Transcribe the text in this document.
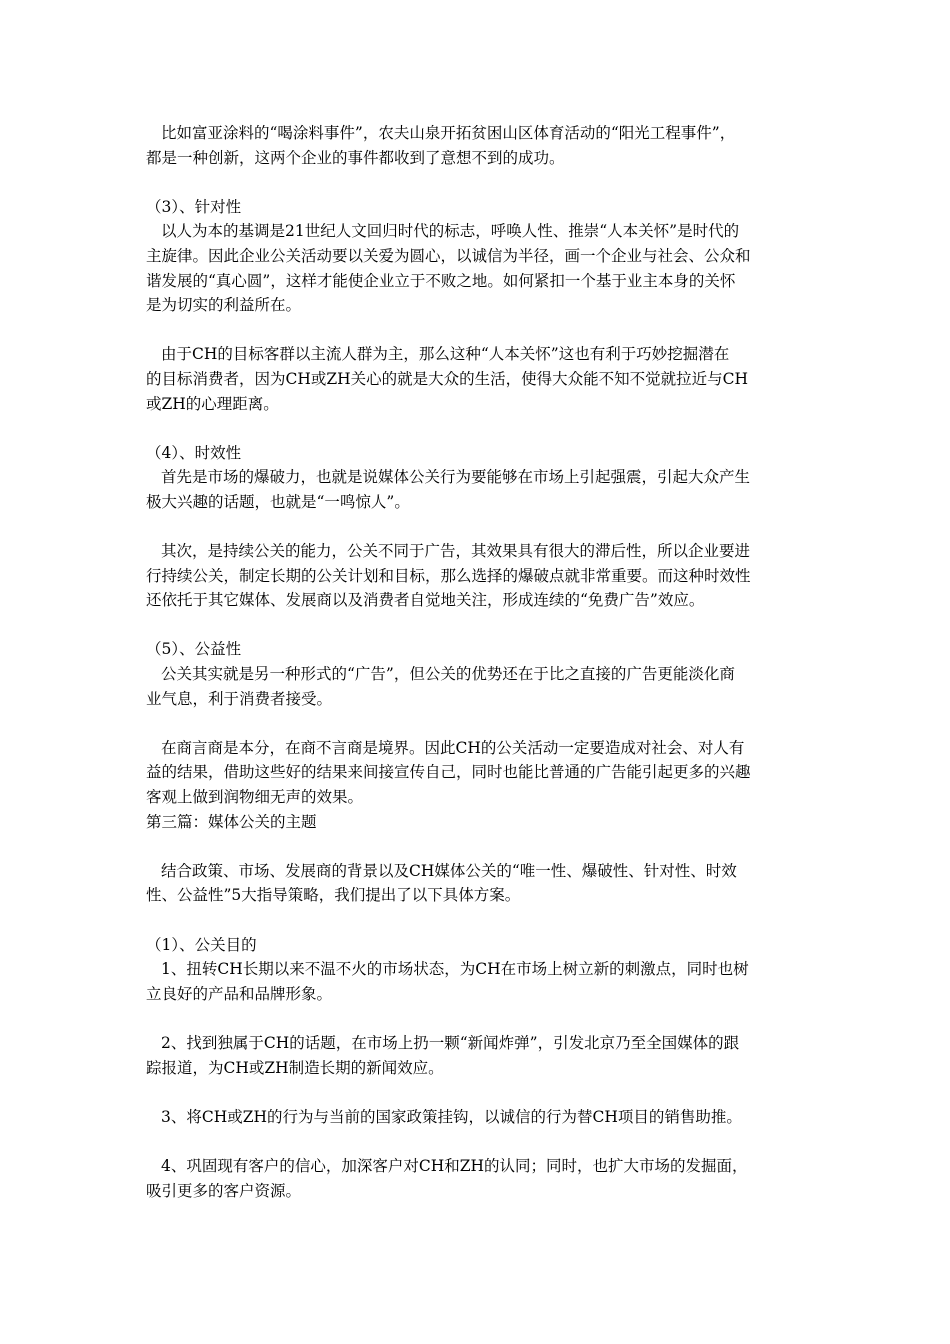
比如富亚涂料的“喝涂料事件”，农夫山泉开拓贫困山区体育活动的“阳光工程事件”，
都是一种创新，这两个企业的事件都收到了意想不到的成功。
（3）、针对性
以人为本的基调是21世纪人文回归时代的标志，呼唤人性、推崇“人本关怀”是时代的
主旋律。因此企业公关活动要以关爱为圆心，以诚信为半径，画一个企业与社会、公众和
谐发展的“真心圆”，这样才能使企业立于不败之地。如何紧扣一个基于业主本身的关怀
是为切实的利益所在。
由于CH的目标客群以主流人群为主，那么这种“人本关怀”这也有利于巧妙挖掘潜在
的目标消费者，因为CH或ZH关心的就是大众的生活，使得大众能不知不觉就拉近与CH
或ZH的心理距离。
（4）、时效性
首先是市场的爆破力，也就是说媒体公关行为要能够在市场上引起强震，引起大众产生
极大兴趣的话题，也就是“一鸣惊人”。
其次，是持续公关的能力，公关不同于广告，其效果具有很大的滞后性，所以企业要进
行持续公关，制定长期的公关计划和目标，那么选择的爆破点就非常重要。而这种时效性
还依托于其它媒体、发展商以及消费者自觉地关注，形成连续的“免费广告”效应。
（5）、公益性
公关其实就是另一种形式的“广告”，但公关的优势还在于比之直接的广告更能淡化商
业气息，利于消费者接受。
在商言商是本分，在商不言商是境界。因此CH的公关活动一定要造成对社会、对人有
益的结果，借助这些好的结果来间接宣传自己，同时也能比普通的广告能引起更多的兴趣
客观上做到润物细无声的效果。
第三篇：媒体公关的主题
结合政策、市场、发展商的背景以及CH媒体公关的“唯一性、爆破性、针对性、时效
性、公益性”5大指导策略，我们提出了以下具体方案。
（1）、公关目的
1、扭转CH长期以来不温不火的市场状态，为CH在市场上树立新的刺激点，同时也树
立良好的产品和品牌形象。
2、找到独属于CH的话题，在市场上扔一颗“新闻炸弹”，引发北京乃至全国媒体的跟
踪报道，为CH或ZH制造长期的新闻效应。
3、将CH或ZH的行为与当前的国家政策挂钩，以诚信的行为替CH项目的销售助推。
4、巩固现有客户的信心，加深客户对CH和ZH的认同；同时，也扩大市场的发掘面，
吸引更多的客户资源。
